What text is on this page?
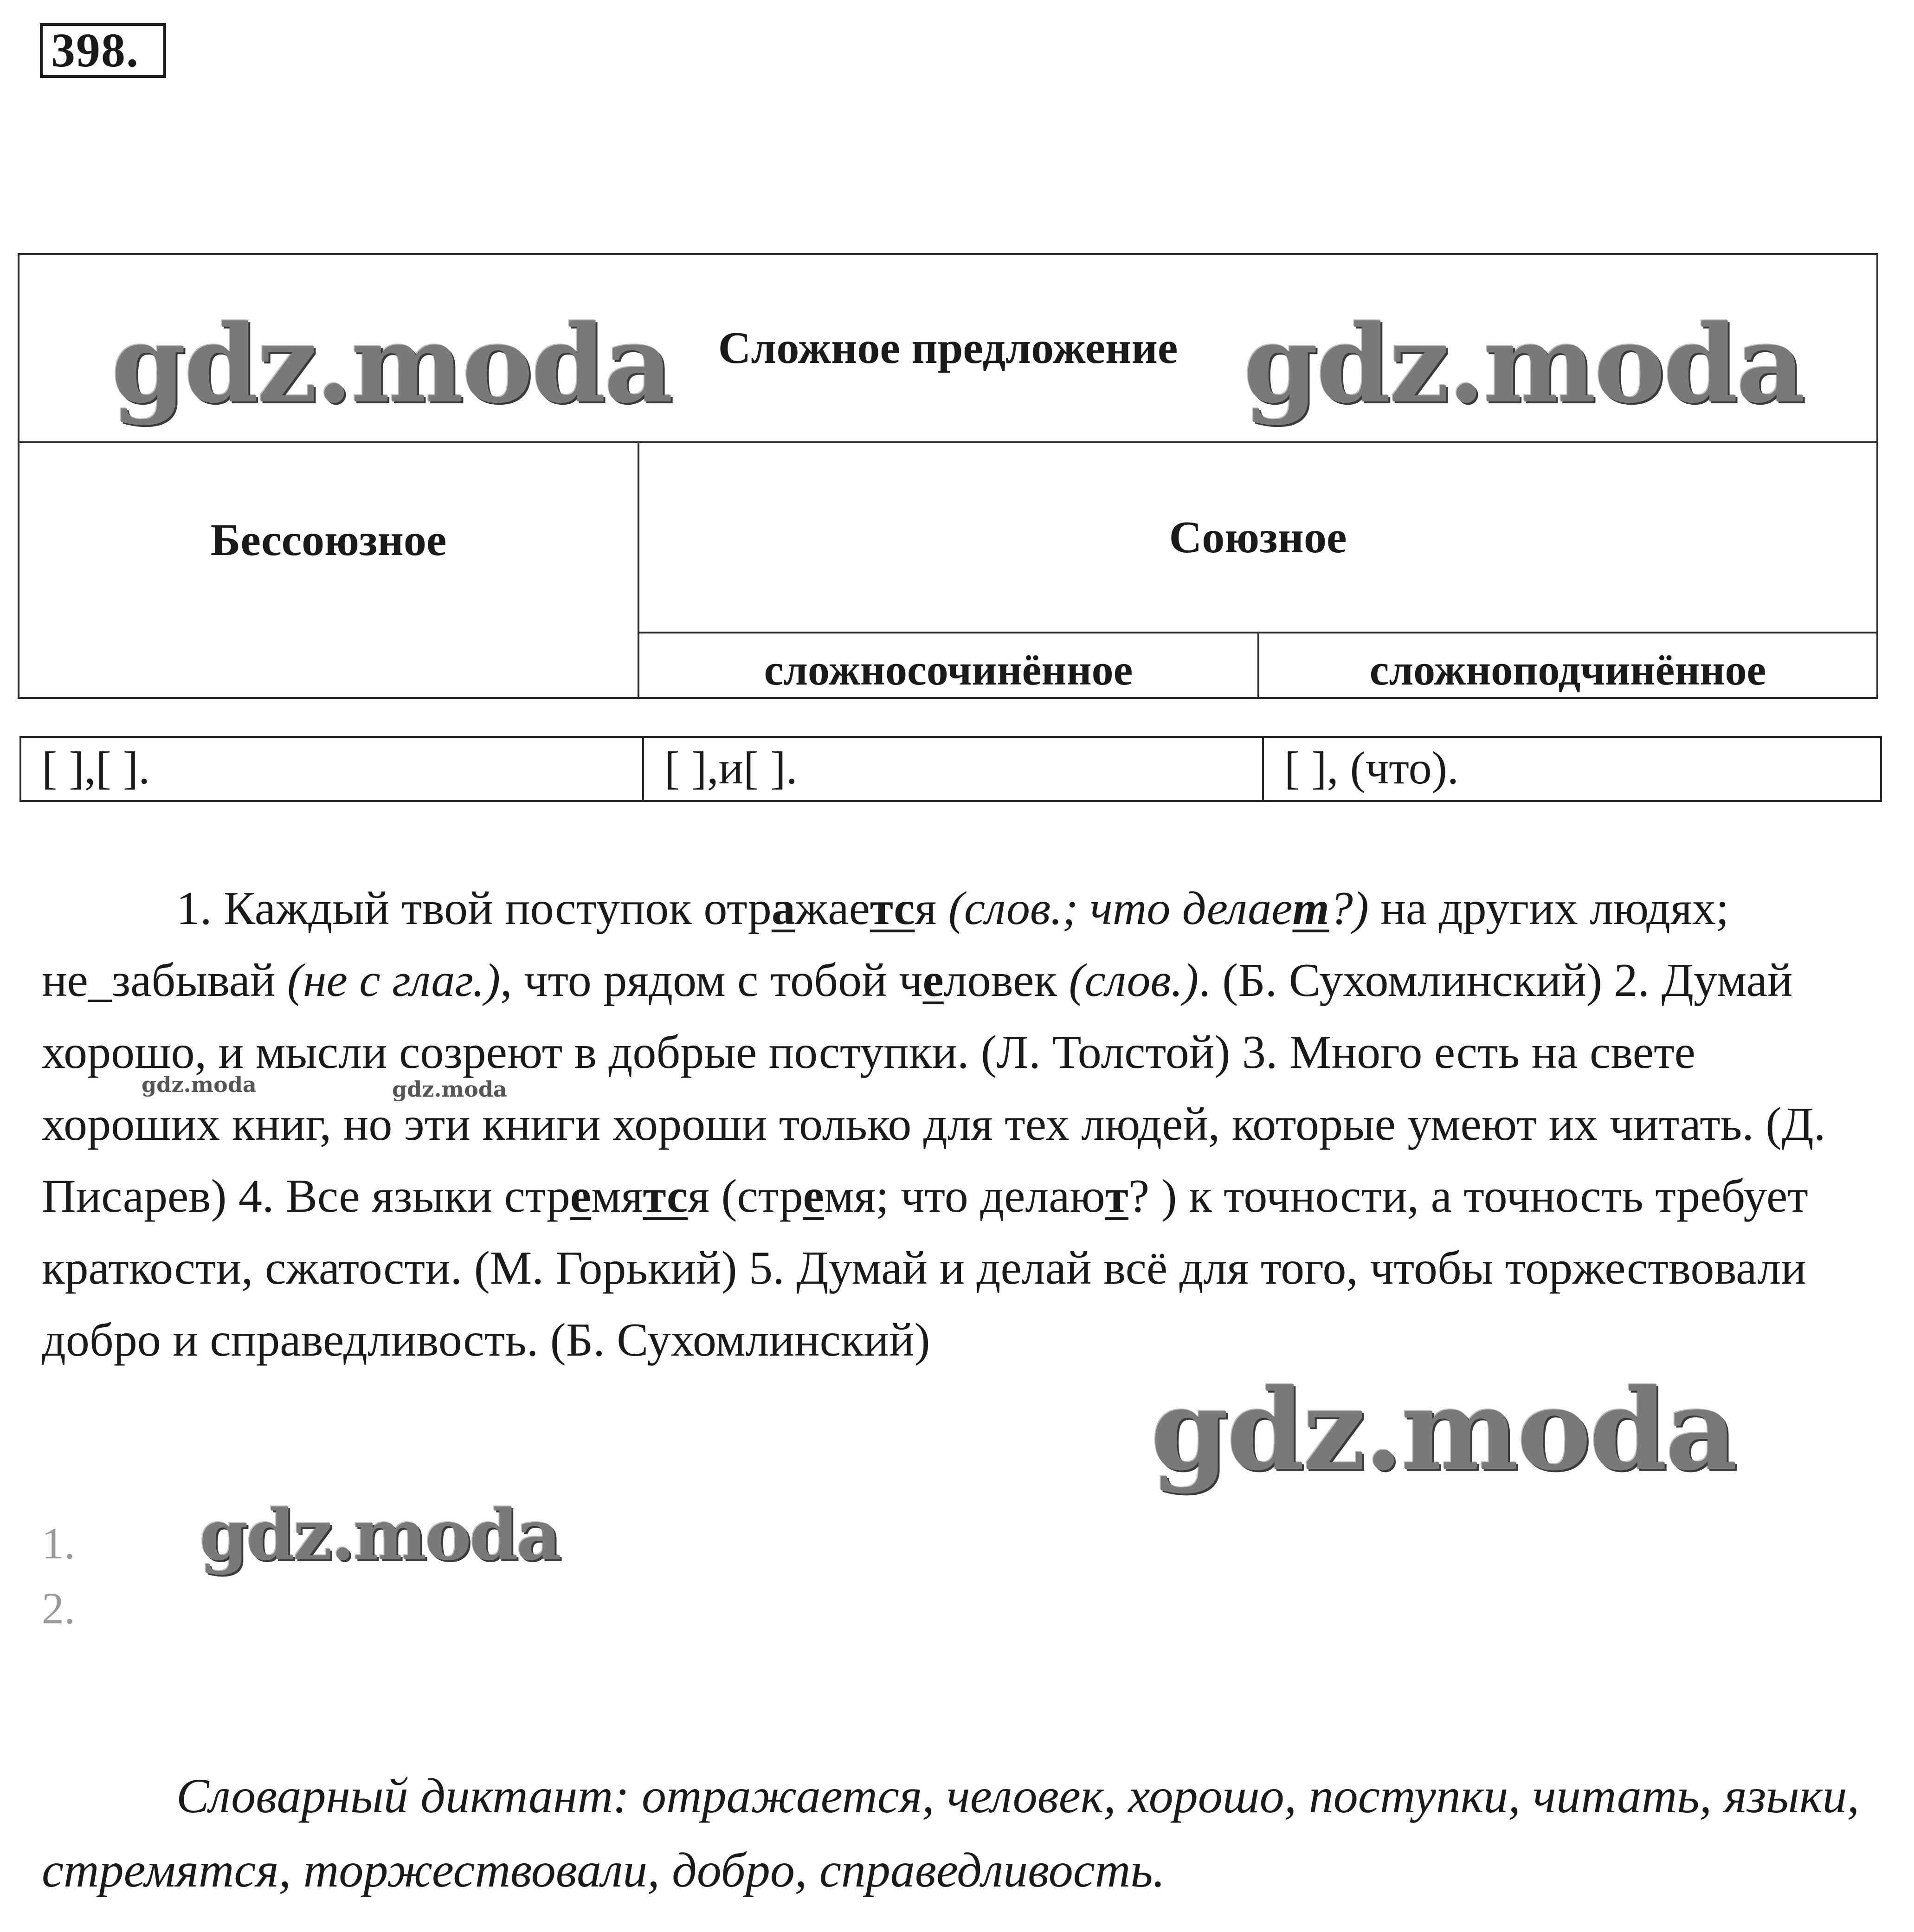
398.
Сложное предложение
Бессоюзное	Союзное
сложносочинённое	сложноподчинённое
[ ],[ ].	[ ],и[ ].	[ ], (что).
1. Каждый твой поступок отражается (слов.; что делает?) на других людях; не_забывай (не с глаг.), что рядом с тобой человек (слов.). (Б. Сухомлинский) 2. Думай хорошо, и мысли созреют в добрые поступки. (Л. Толстой) 3. Много есть на свете хороших книг, но эти книги хороши только для тех людей, которые умеют их читать. (Д. Писарев) 4. Все языки стремятся (стремя; что делают? ) к точности, а точность требует краткости, сжатости. (М. Горький) 5. Думай и делай всё для того, чтобы торжествовали добро и справедливость. (Б. Сухомлинский)
1.
2.
Словарный диктант: отражается, человек, хорошо, поступки, читать, языки, стремятся, торжествовали, добро, справедливость.
gdz.moda	gdz.moda
gdz.moda
gdz.moda
gdz.moda	gdz.moda
